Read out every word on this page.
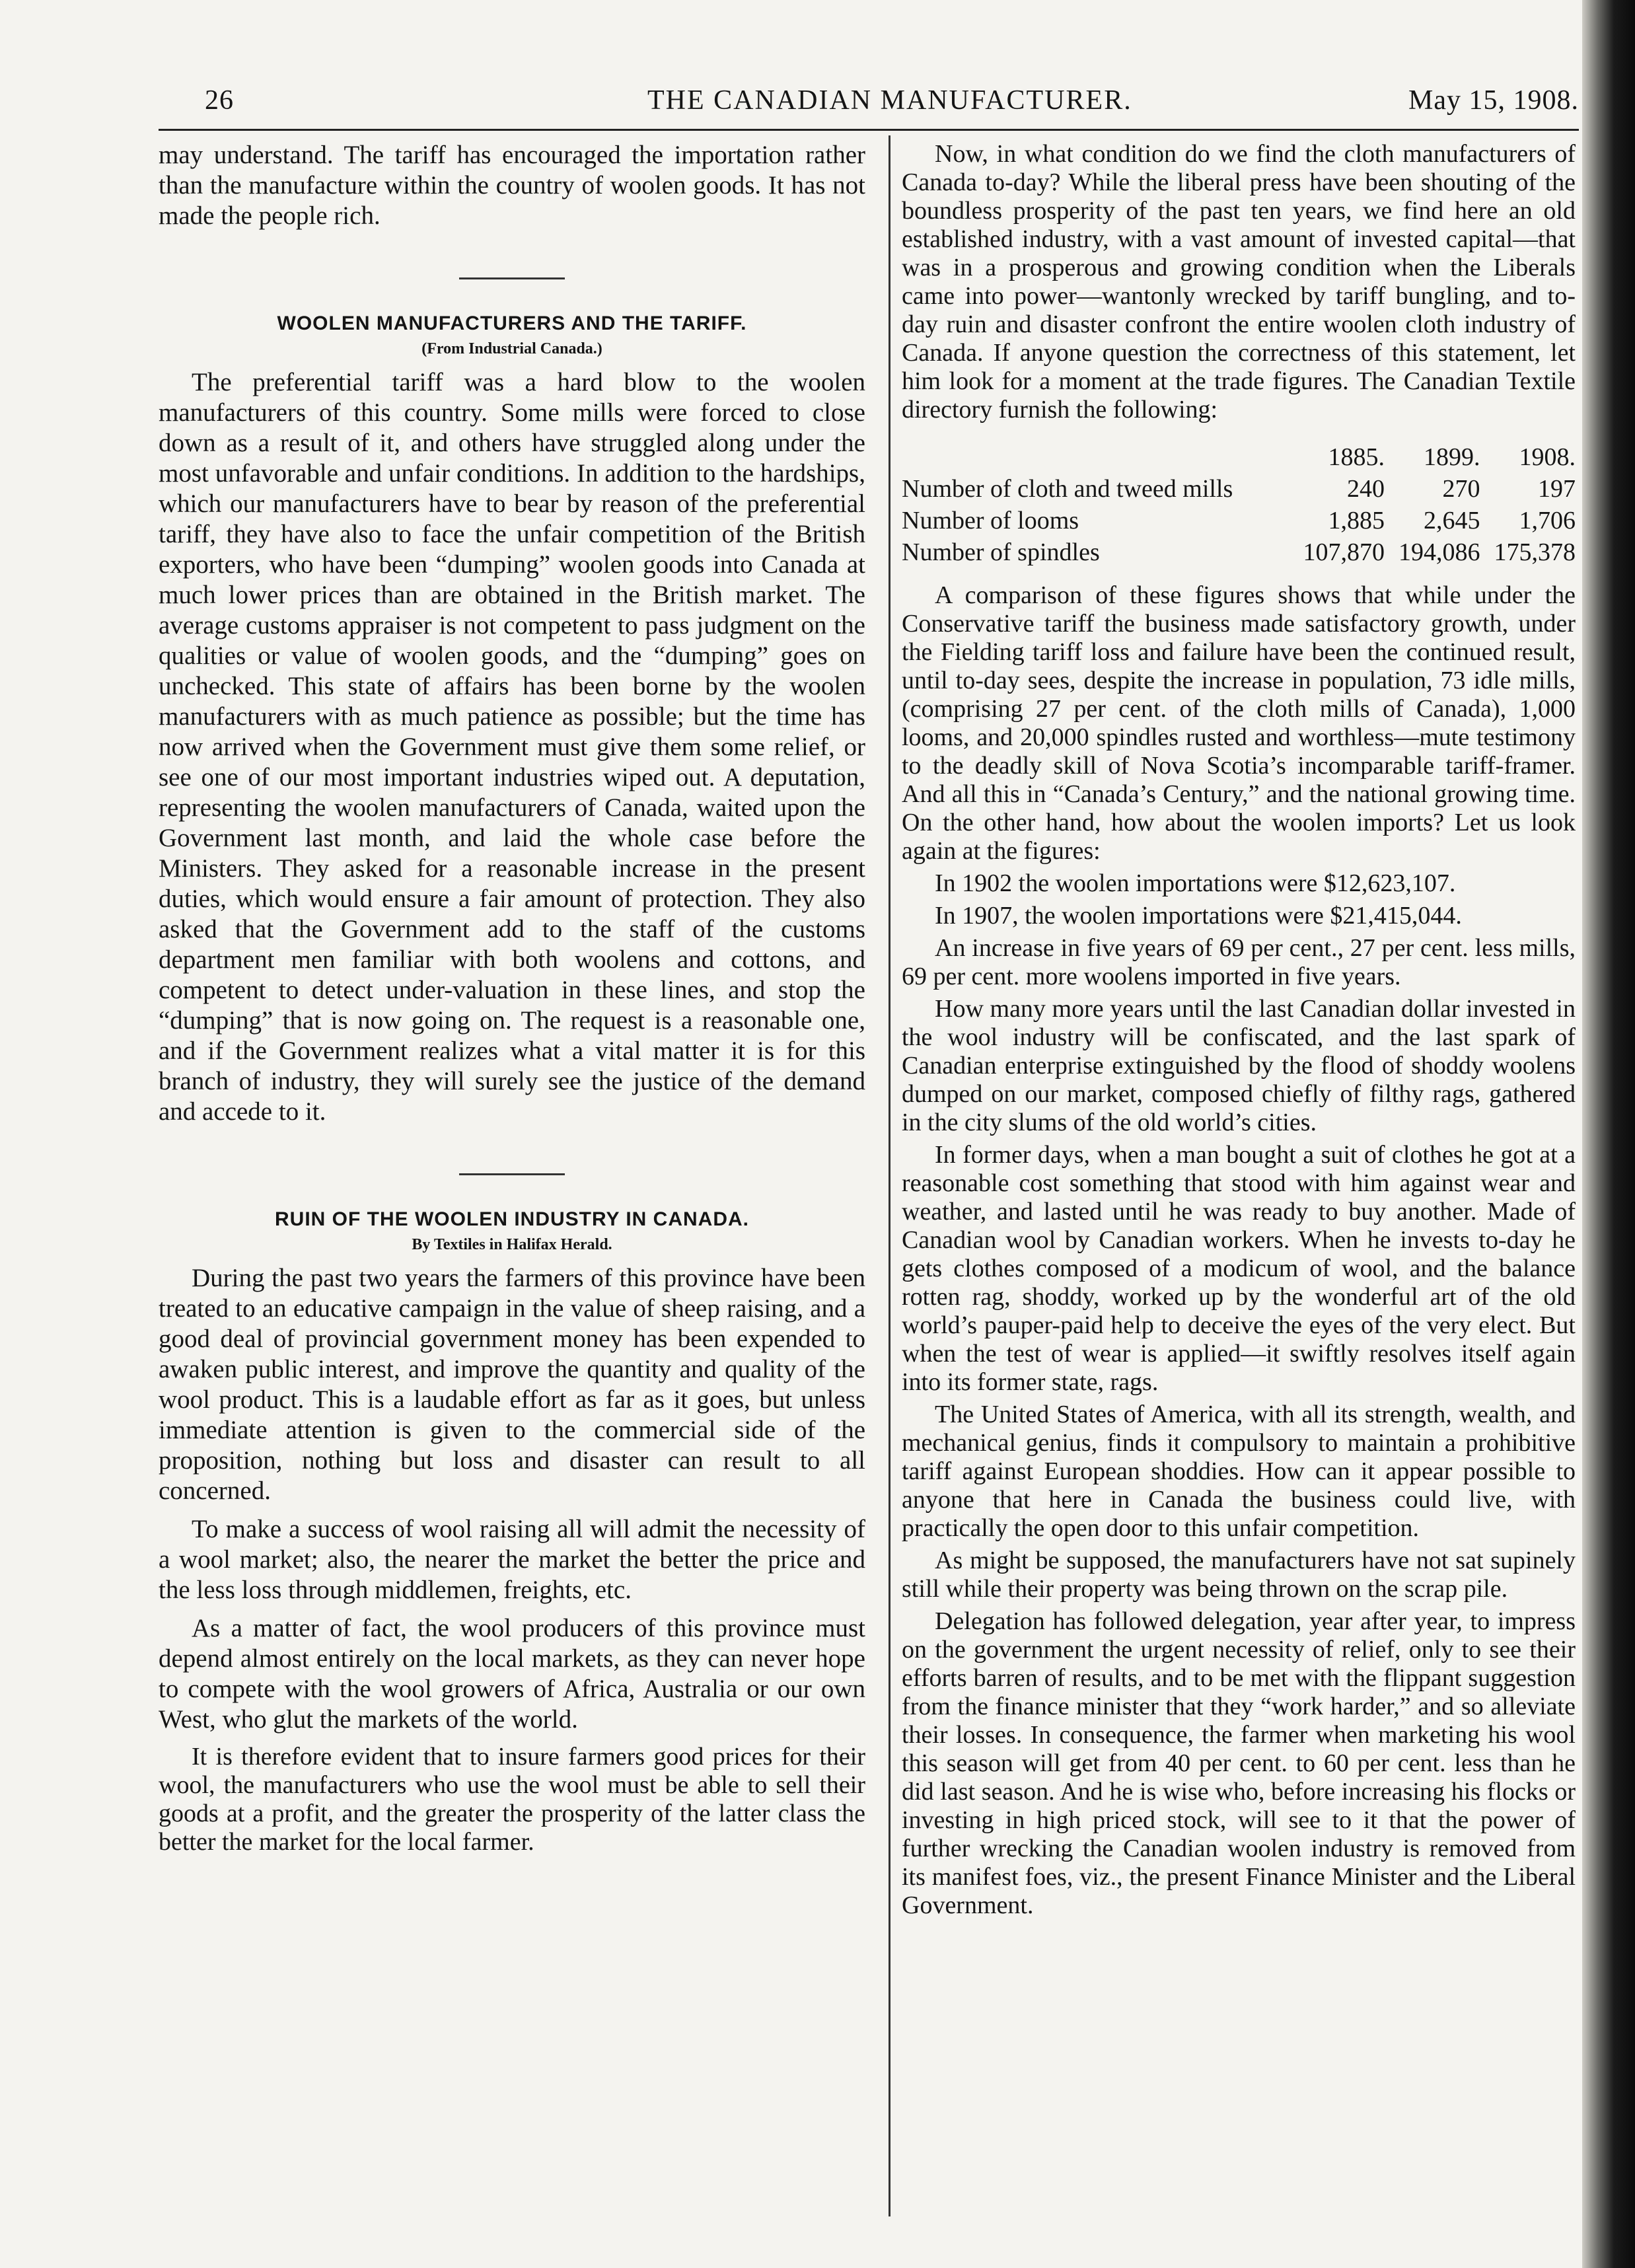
26	THE CANADIAN MANUFACTURER.	May 15, 1908.

may understand. The tariff has encouraged the importation rather than the manufacture within the country of woolen goods. It has not made the people rich.

WOOLEN MANUFACTURERS AND THE TARIFF.
(From Industrial Canada.)

The preferential tariff was a hard blow to the woolen manufacturers of this country. Some mills were forced to close down as a result of it, and others have struggled along under the most unfavorable and unfair conditions. In addition to the hardships, which our manufacturers have to bear by reason of the preferential tariff, they have also to face the unfair competition of the British exporters, who have been “dumping” woolen goods into Canada at much lower prices than are obtained in the British market. The average customs appraiser is not competent to pass judgment on the qualities or value of woolen goods, and the “dumping” goes on unchecked. This state of affairs has been borne by the woolen manufacturers with as much patience as possible; but the time has now arrived when the Government must give them some relief, or see one of our most important industries wiped out. A deputation, representing the woolen manufacturers of Canada, waited upon the Government last month, and laid the whole case before the Ministers. They asked for a reasonable increase in the present duties, which would ensure a fair amount of protection. They also asked that the Government add to the staff of the customs department men familiar with both woolens and cottons, and competent to detect under-valuation in these lines, and stop the “dumping” that is now going on. The request is a reasonable one, and if the Government realizes what a vital matter it is for this branch of industry, they will surely see the justice of the demand and accede to it.

RUIN OF THE WOOLEN INDUSTRY IN CANADA.
By Textiles in Halifax Herald.

During the past two years the farmers of this province have been treated to an educative campaign in the value of sheep raising, and a good deal of provincial government money has been expended to awaken public interest, and improve the quantity and quality of the wool product. This is a laudable effort as far as it goes, but unless immediate attention is given to the commercial side of the proposition, nothing but loss and disaster can result to all concerned.

To make a success of wool raising all will admit the necessity of a wool market; also, the nearer the market the better the price and the less loss through middlemen, freights, etc.

As a matter of fact, the wool producers of this province must depend almost entirely on the local markets, as they can never hope to compete with the wool growers of Africa, Australia or our own West, who glut the markets of the world.

It is therefore evident that to insure farmers good prices for their wool, the manufacturers who use the wool must be able to sell their goods at a profit, and the greater the prosperity of the latter class the better the market for the local farmer.

Now, in what condition do we find the cloth manufacturers of Canada to-day? While the liberal press have been shouting of the boundless prosperity of the past ten years, we find here an old established industry, with a vast amount of invested capital—that was in a prosperous and growing condition when the Liberals came into power—wantonly wrecked by tariff bungling, and to-day ruin and disaster confront the entire woolen cloth industry of Canada. If anyone question the correctness of this statement, let him look for a moment at the trade figures. The Canadian Textile directory furnish the following:

	1885.	1899.	1908.
Number of cloth and tweed mills	240	270	197
Number of looms	1,885	2,645	1,706
Number of spindles	107,870	194,086	175,378

A comparison of these figures shows that while under the Conservative tariff the business made satisfactory growth, under the Fielding tariff loss and failure have been the continued result, until to-day sees, despite the increase in population, 73 idle mills, (comprising 27 per cent. of the cloth mills of Canada), 1,000 looms, and 20,000 spindles rusted and worthless—mute testimony to the deadly skill of Nova Scotia’s incomparable tariff-framer. And all this in “Canada’s Century,” and the national growing time. On the other hand, how about the woolen imports? Let us look again at the figures:

In 1902 the woolen importations were $12,623,107.

In 1907, the woolen importations were $21,415,044.

An increase in five years of 69 per cent., 27 per cent. less mills, 69 per cent. more woolens imported in five years.

How many more years until the last Canadian dollar invested in the wool industry will be confiscated, and the last spark of Canadian enterprise extinguished by the flood of shoddy woolens dumped on our market, composed chiefly of filthy rags, gathered in the city slums of the old world’s cities.

In former days, when a man bought a suit of clothes he got at a reasonable cost something that stood with him against wear and weather, and lasted until he was ready to buy another. Made of Canadian wool by Canadian workers. When he invests to-day he gets clothes composed of a modicum of wool, and the balance rotten rag, shoddy, worked up by the wonderful art of the old world’s pauper-paid help to deceive the eyes of the very elect. But when the test of wear is applied—it swiftly resolves itself again into its former state, rags.

The United States of America, with all its strength, wealth, and mechanical genius, finds it compulsory to maintain a prohibitive tariff against European shoddies. How can it appear possible to anyone that here in Canada the business could live, with practically the open door to this unfair competition.

As might be supposed, the manufacturers have not sat supinely still while their property was being thrown on the scrap pile.

Delegation has followed delegation, year after year, to impress on the government the urgent necessity of relief, only to see their efforts barren of results, and to be met with the flippant suggestion from the finance minister that they “work harder,” and so alleviate their losses. In consequence, the farmer when marketing his wool this season will get from 40 per cent. to 60 per cent. less than he did last season. And he is wise who, before increasing his flocks or investing in high priced stock, will see to it that the power of further wrecking the Canadian woolen industry is removed from its manifest foes, viz., the present Finance Minister and the Liberal Government.
